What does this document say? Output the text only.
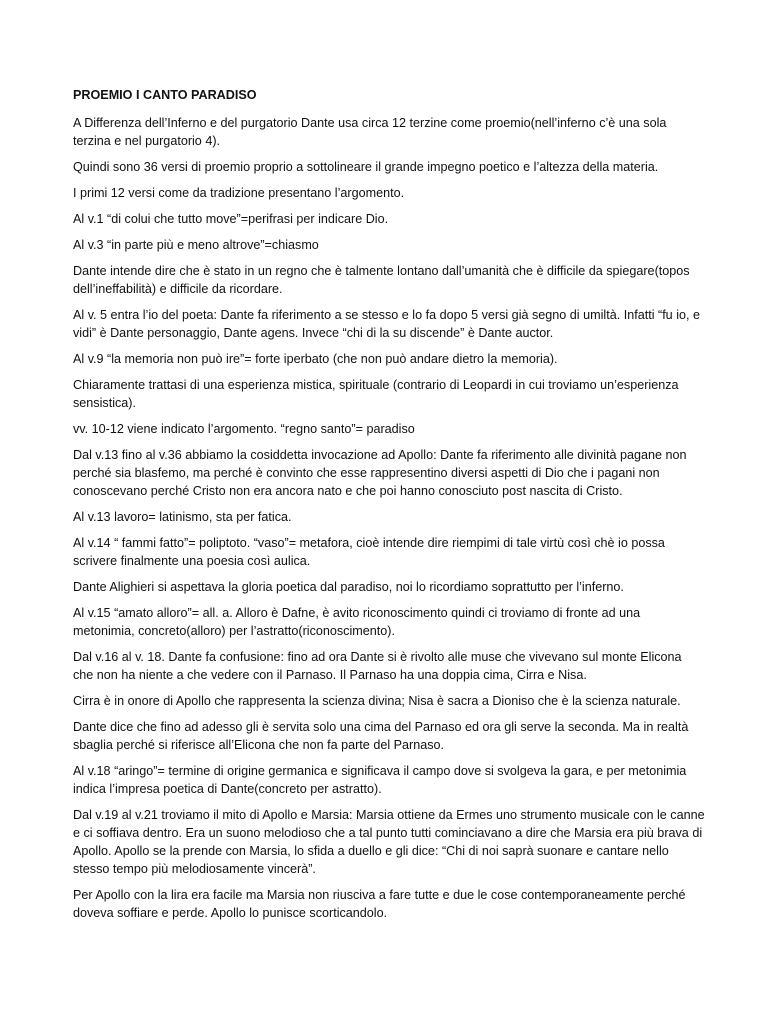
PROEMIO I CANTO PARADISO

A Differenza dell’Inferno e del purgatorio Dante usa circa 12 terzine come proemio(nell’inferno c’è una sola terzina e nel purgatorio 4).

Quindi sono 36 versi di proemio proprio a sottolineare il grande impegno poetico e l’altezza della materia.

I primi 12 versi come da tradizione presentano l’argomento.

Al v.1 “di colui che tutto move”=perifrasi per indicare Dio.

Al v.3 “in parte più e meno altrove”=chiasmo

Dante intende dire che è stato in un regno che è talmente lontano dall’umanità che è difficile da spiegare(topos dell’ineffabilità) e difficile da ricordare.

Al v. 5 entra l’io del poeta: Dante fa riferimento a se stesso e lo fa dopo 5 versi già segno di umiltà. Infatti “fu io, e vidi” è Dante personaggio, Dante agens. Invece “chi di la su discende” è Dante auctor.

Al v.9 “la memoria non può ire”= forte iperbato (che non può andare dietro la memoria).

Chiaramente trattasi di una esperienza mistica, spirituale (contrario di Leopardi in cui troviamo un’esperienza sensistica).

vv. 10-12 viene indicato l’argomento. “regno santo”= paradiso

Dal v.13 fino al v.36 abbiamo la cosiddetta invocazione ad Apollo: Dante fa riferimento alle divinità pagane non perché sia blasfemo, ma perché è convinto che esse rappresentino diversi aspetti di Dio che i pagani non conoscevano perché Cristo non era ancora nato e che poi hanno conosciuto post nascita di Cristo.

Al v.13 lavoro= latinismo, sta per fatica.

Al v.14 “ fammi fatto”= poliptoto. “vaso”= metafora, cioè intende dire riempimi di tale virtù così chè io possa scrivere finalmente una poesia così aulica.

Dante Alighieri si aspettava la gloria poetica dal paradiso, noi lo ricordiamo soprattutto per l’inferno.

Al v.15 “amato alloro”= all. a. Alloro è Dafne, è avito riconoscimento quindi ci troviamo di fronte ad una metonimia, concreto(alloro) per l’astratto(riconoscimento).

Dal v.16 al v. 18. Dante fa confusione: fino ad ora Dante si è rivolto alle muse che vivevano sul monte Elicona che non ha niente a che vedere con il Parnaso. Il Parnaso ha una doppia cima, Cirra e Nisa.

Cirra è in onore di Apollo che rappresenta la scienza divina; Nisa è sacra a Dioniso che è la scienza naturale.

Dante dice che fino ad adesso gli è servita solo una cima del Parnaso ed ora gli serve la seconda. Ma in realtà sbaglia perché si riferisce all’Elicona che non fa parte del Parnaso.

Al v.18 “aringo”= termine di origine germanica e significava il campo dove si svolgeva la gara, e per metonimia indica l’impresa poetica di Dante(concreto per astratto).

Dal v.19 al v.21 troviamo il mito di Apollo e Marsia: Marsia ottiene da Ermes uno strumento musicale con le canne e ci soffiava dentro. Era un suono melodioso che a tal punto tutti cominciavano a dire che Marsia era più brava di Apollo. Apollo se la prende con Marsia, lo sfida a duello e gli dice: “Chi di noi saprà suonare e cantare nello stesso tempo più melodiosamente vincerà”.

Per Apollo con la lira era facile ma Marsia non riusciva a fare tutte e due le cose contemporaneamente perché doveva soffiare e perde. Apollo lo punisce scorticandolo.
